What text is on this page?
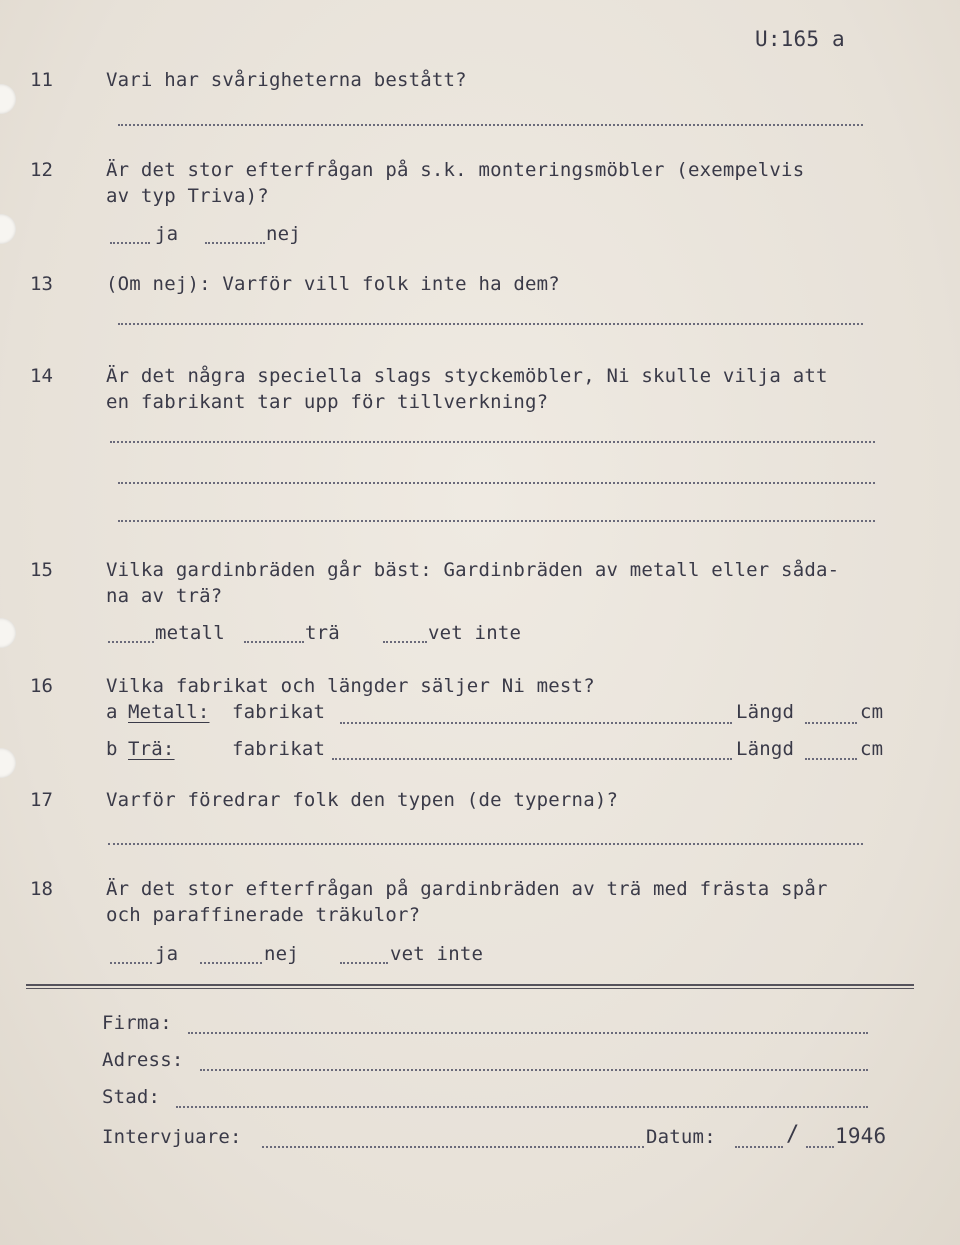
U:165 a
11	Vari har svårigheterna bestått?
12	Är det stor efterfrågan på s.k. monteringsmöbler (exempelvis
av typ Triva)?
ja	nej
13	(Om nej): Varför vill folk inte ha dem?
14	Är det några speciella slags styckemöbler, Ni skulle vilja att
en fabrikant tar upp för tillverkning?
15	Vilka gardinbräden går bäst: Gardinbräden av metall eller såda-
na av trä?
metall	trä	vet inte
16	Vilka fabrikat och längder säljer Ni mest?
a Metall: fabrikat	Längd	cm
b Trä:	fabrikat	Längd	cm
17	Varför föredrar folk den typen (de typerna)?
18	Är det stor efterfrågan på gardinbräden av trä med frästa spår
och paraffinerade träkulor?
ja	nej	vet inte
Firma:
Adress:
Stad:
Intervjuare:	Datum:	/ 1946
